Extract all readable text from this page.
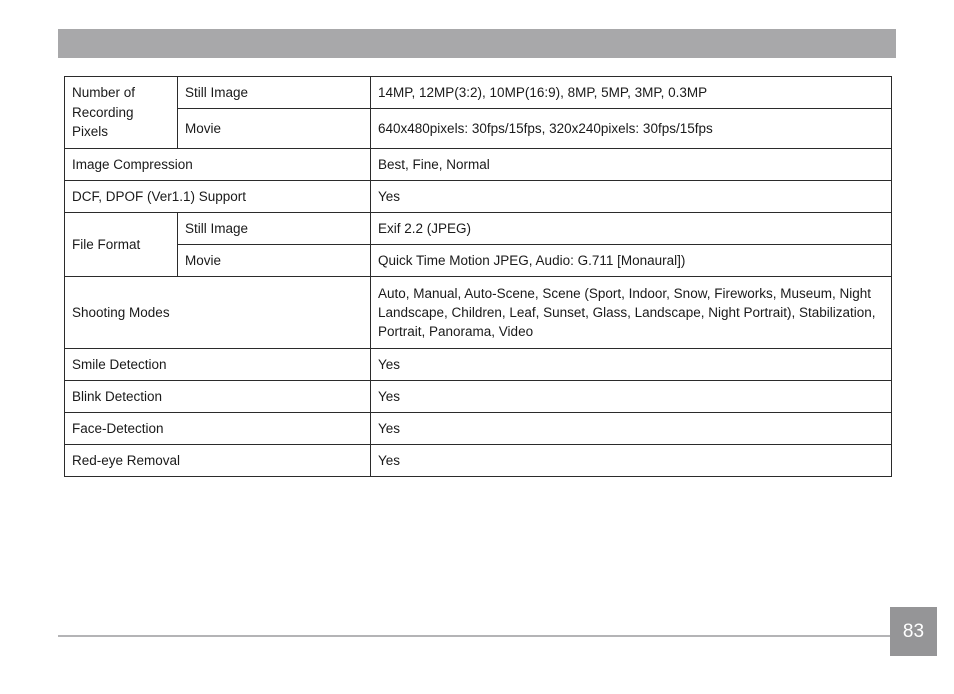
Number of Recording Pixels	Still Image	14MP, 12MP(3:2), 10MP(16:9), 8MP, 5MP, 3MP, 0.3MP
	Movie	640x480pixels: 30fps/15fps, 320x240pixels: 30fps/15fps
Image Compression		Best, Fine, Normal
DCF, DPOF (Ver1.1) Support		Yes
File Format	Still Image	Exif 2.2 (JPEG)
	Movie	Quick Time Motion JPEG, Audio: G.711 [Monaural])
Shooting Modes		Auto, Manual, Auto-Scene, Scene (Sport, Indoor, Snow, Fireworks, Museum, Night Landscape, Children, Leaf, Sunset, Glass, Landscape, Night Portrait), Stabilization, Portrait, Panorama, Video
Smile Detection		Yes
Blink Detection		Yes
Face-Detection		Yes
Red-eye Removal		Yes
83
